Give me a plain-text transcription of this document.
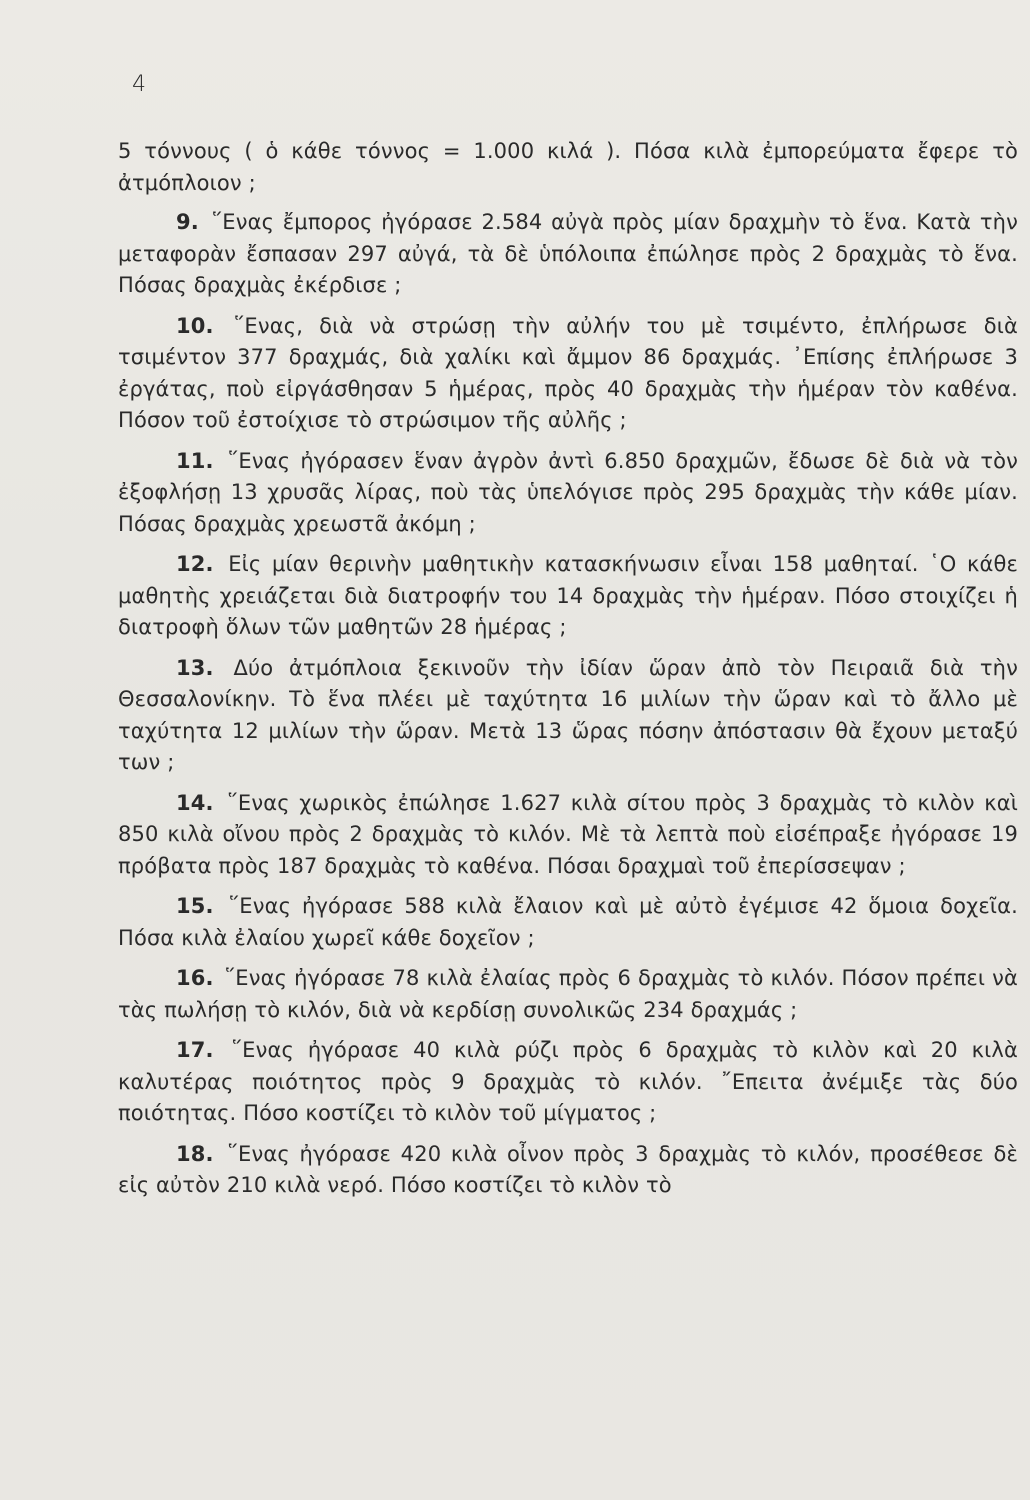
4

5 τόννους ( ὁ κάθε τόννος = 1.000 κιλά ). Πόσα κιλὰ ἐμπορεύματα ἔφερε τὸ ἀτμόπλοιον ;

9. ῞Ενας ἔμπορος ἠγόρασε 2.584 αὐγὰ πρὸς μίαν δραχμὴν τὸ ἕνα. Κατὰ τὴν μεταφορὰν ἔσπασαν 297 αὐγά, τὰ δὲ ὑπόλοιπα ἐπώλησε πρὸς 2 δραχμὰς τὸ ἕνα. Πόσας δραχμὰς ἐκέρδισε ;

10. ῞Ενας, διὰ νὰ στρώσῃ τὴν αὐλήν του μὲ τσιμέντο, ἐπλήρωσε διὰ τσιμέντον 377 δραχμάς, διὰ χαλίκι καὶ ἄμμον 86 δραχμάς. ᾿Επίσης ἐπλήρωσε 3 ἐργάτας, ποὺ εἰργάσθησαν 5 ἡμέρας, πρὸς 40 δραχμὰς τὴν ἡμέραν τὸν καθένα. Πόσον τοῦ ἐστοίχισε τὸ στρώσιμον τῆς αὐλῆς ;

11. ῞Ενας ἠγόρασεν ἕναν ἀγρὸν ἀντὶ 6.850 δραχμῶν, ἔδωσε δὲ διὰ νὰ τὸν ἐξοφλήσῃ 13 χρυσᾶς λίρας, ποὺ τὰς ὑπελόγισε πρὸς 295 δραχμὰς τὴν κάθε μίαν. Πόσας δραχμὰς χρεωστᾶ ἀκόμη ;

12. Εἰς μίαν θερινὴν μαθητικὴν κατασκήνωσιν εἶναι 158 μαθηταί. ῾Ο κάθε μαθητὴς χρειάζεται διὰ διατροφήν του 14 δραχμὰς τὴν ἡμέραν. Πόσο στοιχίζει ἡ διατροφὴ ὅλων τῶν μαθητῶν 28 ἡμέρας ;

13. Δύο ἀτμόπλοια ξεκινοῦν τὴν ἰδίαν ὥραν ἀπὸ τὸν Πειραιᾶ διὰ τὴν Θεσσαλονίκην. Τὸ ἕνα πλέει μὲ ταχύτητα 16 μιλίων τὴν ὥραν καὶ τὸ ἄλλο μὲ ταχύτητα 12 μιλίων τὴν ὥραν. Μετὰ 13 ὥρας πόσην ἀπόστασιν θὰ ἔχουν μεταξύ των ;

14. ῞Ενας χωρικὸς ἐπώλησε 1.627 κιλὰ σίτου πρὸς 3 δραχμὰς τὸ κιλὸν καὶ 850 κιλὰ οἴνου πρὸς 2 δραχμὰς τὸ κιλόν. Μὲ τὰ λεπτὰ ποὺ εἰσέπραξε ἠγόρασε 19 πρόβατα πρὸς 187 δραχμὰς τὸ καθένα. Πόσαι δραχμαὶ τοῦ ἐπερίσσεψαν ;

15. ῞Ενας ἠγόρασε 588 κιλὰ ἔλαιον καὶ μὲ αὐτὸ ἐγέμισε 42 ὅμοια δοχεῖα. Πόσα κιλὰ ἐλαίου χωρεῖ κάθε δοχεῖον ;

16. ῞Ενας ἠγόρασε 78 κιλὰ ἐλαίας πρὸς 6 δραχμὰς τὸ κιλόν. Πόσον πρέπει νὰ τὰς πωλήσῃ τὸ κιλόν, διὰ νὰ κερδίσῃ συνολικῶς 234 δραχμάς ;

17. ῞Ενας ἠγόρασε 40 κιλὰ ρύζι πρὸς 6 δραχμὰς τὸ κιλὸν καὶ 20 κιλὰ καλυτέρας ποιότητος πρὸς 9 δραχμὰς τὸ κιλόν. ῎Επειτα ἀνέμιξε τὰς δύο ποιότητας. Πόσο κοστίζει τὸ κιλὸν τοῦ μίγματος ;

18. ῞Ενας ἠγόρασε 420 κιλὰ οἶνον πρὸς 3 δραχμὰς τὸ κιλόν, προσέθεσε δὲ εἰς αὐτὸν 210 κιλὰ νερό. Πόσο κοστίζει τὸ κιλὸν τὸ
